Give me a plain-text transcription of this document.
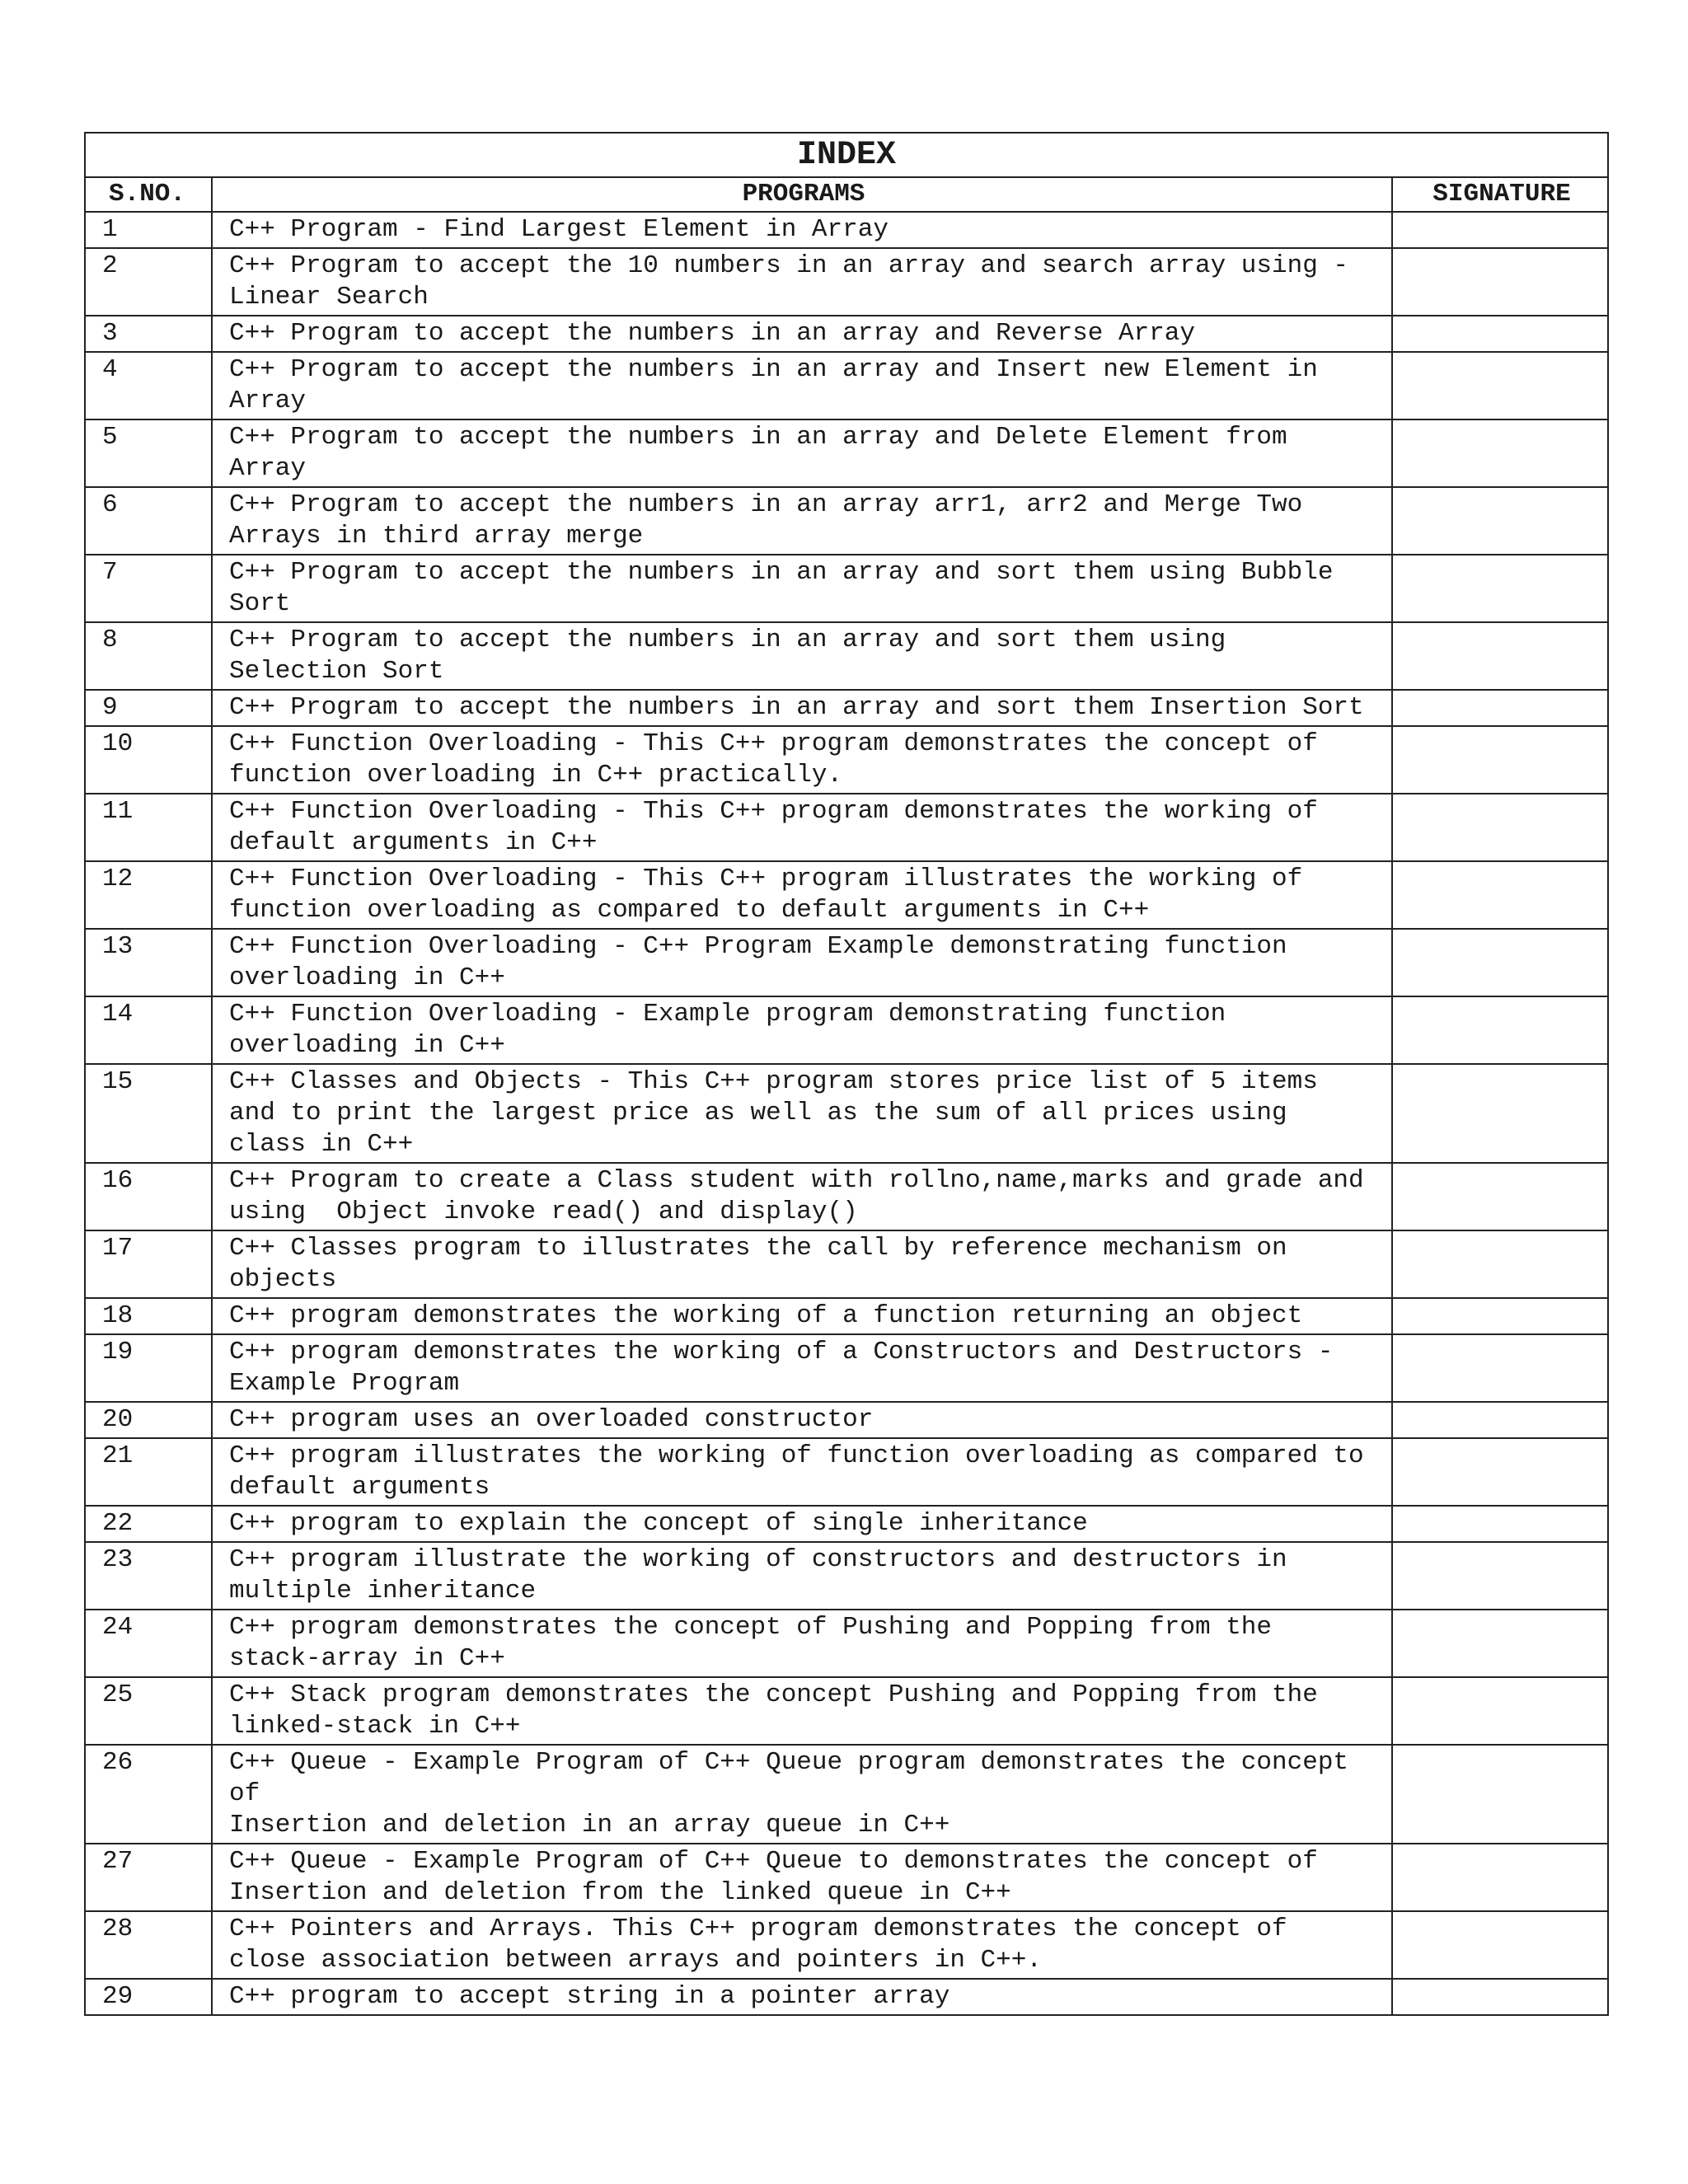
INDEX		
S.NO.	PROGRAMS	SIGNATURE
1	C++ Program - Find Largest Element in Array

2	C++ Program to accept the 10 numbers in an array and search array using - Linear Search	
3	C++ Program to accept the numbers in an array and Reverse Array	
4	C++ Program to accept the numbers in an array and Insert new Element in Array	
5	C++ Program to accept the numbers in an array and Delete Element from Array	
6	C++ Program to accept the numbers in an array arr1, arr2 and Merge Two Arrays in third array merge	
7	C++ Program to accept the numbers in an array and sort them using Bubble Sort	
8	C++ Program to accept the numbers in an array and sort them using Selection Sort	
9	C++ Program to accept the numbers in an array and sort them Insertion Sort	
10	C++ Function Overloading - This C++ program demonstrates the concept of function overloading in C++ practically.	
11	C++ Function Overloading - This C++ program demonstrates the working of default arguments in C++	
12	C++ Function Overloading - This C++ program illustrates the working of function overloading as compared to default arguments in C++	
13	C++ Function Overloading - C++ Program Example demonstrating function overloading in C++	
14	C++ Function Overloading - Example program demonstrating function overloading in C++	
15	C++ Classes and Objects - This C++ program stores price list of 5 items and to print the largest price as well as the sum of all prices using class in C++	
16	C++ Program to create a Class student with rollno,name,marks and grade and using  Object invoke read() and display()	
17	C++ Classes program to illustrates the call by reference mechanism on objects	
18	C++ program demonstrates the working of a function returning an object	
19	C++ program demonstrates the working of a Constructors and Destructors - Example Program	
20	C++ program uses an overloaded constructor	
21	C++ program illustrates the working of function overloading as compared to default arguments	
22	C++ program to explain the concept of single inheritance	
23	C++ program illustrate the working of constructors and destructors in multiple inheritance	
24	C++ program demonstrates the concept of Pushing and Popping from the stack-array in C++	
25	C++ Stack program demonstrates the concept Pushing and Popping from the linked-stack in C++	
26	C++ Queue - Example Program of C++ Queue program demonstrates the concept of
Insertion and deletion in an array queue in C++	
27	C++ Queue - Example Program of C++ Queue to demonstrates the concept of
Insertion and deletion from the linked queue in C++	
28	C++ Pointers and Arrays. This C++ program demonstrates the concept of close association between arrays and pointers in C++.	
29	C++ program to accept string in a pointer array	
